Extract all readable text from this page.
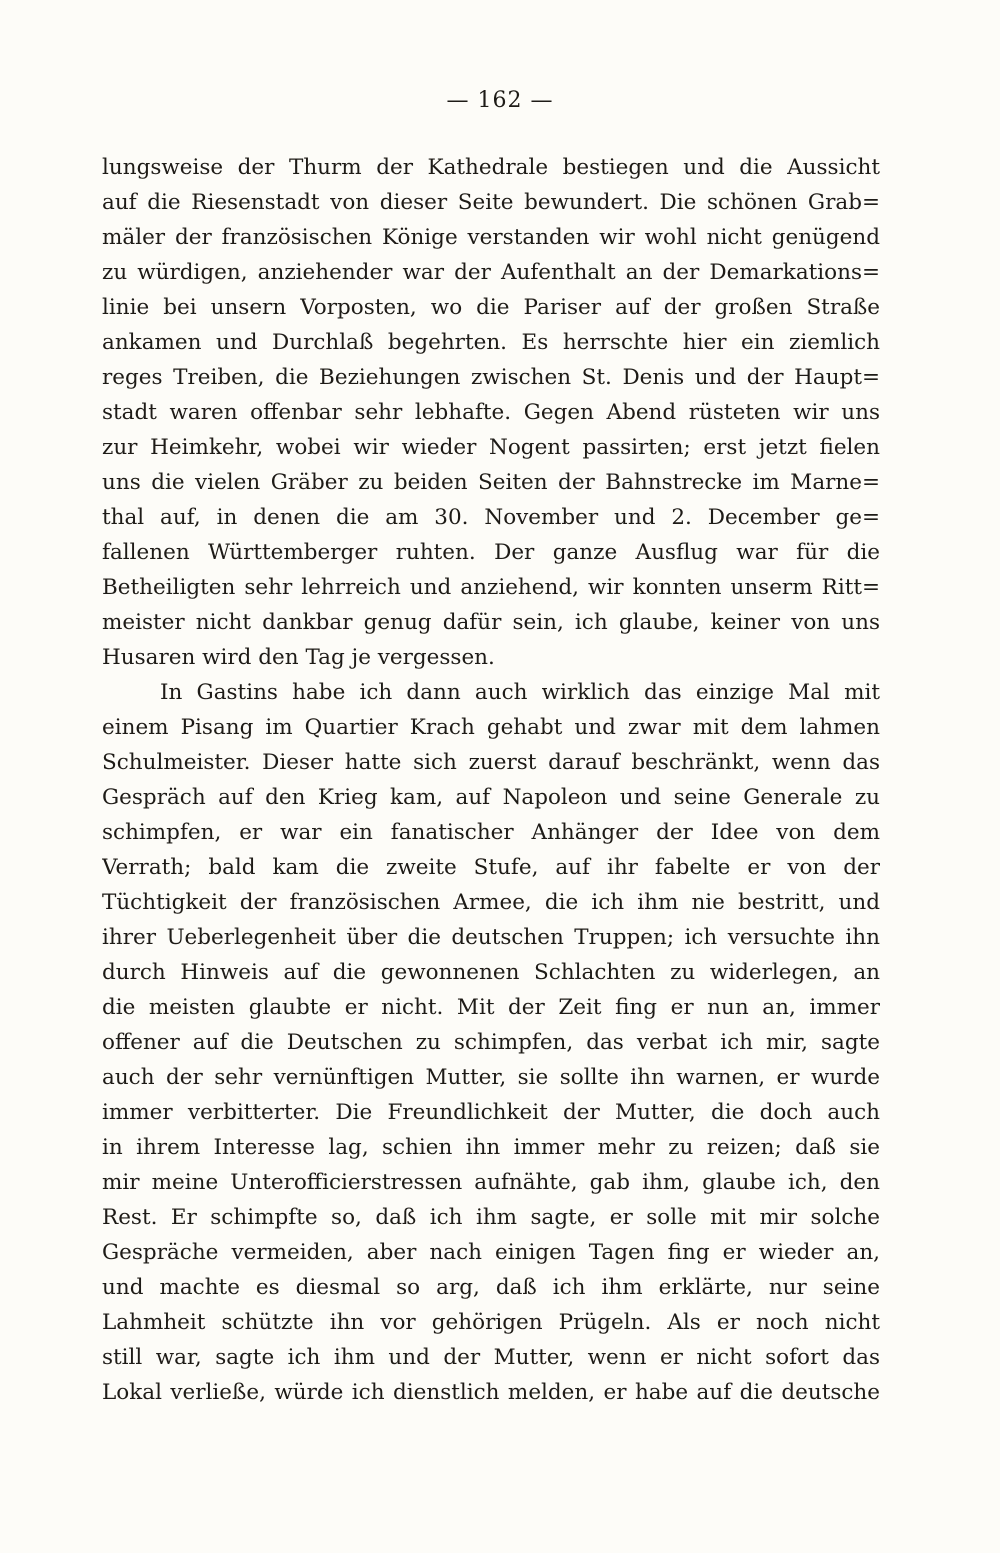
— 162 —
lungsweise der Thurm der Kathedrale bestiegen und die Aussicht
auf die Riesenstadt von dieser Seite bewundert. Die schönen Grab=
mäler der französischen Könige verstanden wir wohl nicht genügend
zu würdigen, anziehender war der Aufenthalt an der Demarkations=
linie bei unsern Vorposten, wo die Pariser auf der großen Straße
ankamen und Durchlaß begehrten. Es herrschte hier ein ziemlich
reges Treiben, die Beziehungen zwischen St. Denis und der Haupt=
stadt waren offenbar sehr lebhafte. Gegen Abend rüsteten wir uns
zur Heimkehr, wobei wir wieder Nogent passirten; erst jetzt fielen
uns die vielen Gräber zu beiden Seiten der Bahnstrecke im Marne=
thal auf, in denen die am 30. November und 2. December ge=
fallenen Württemberger ruhten. Der ganze Ausflug war für die
Betheiligten sehr lehrreich und anziehend, wir konnten unserm Ritt=
meister nicht dankbar genug dafür sein, ich glaube, keiner von uns
Husaren wird den Tag je vergessen.
In Gastins habe ich dann auch wirklich das einzige Mal mit
einem Pisang im Quartier Krach gehabt und zwar mit dem lahmen
Schulmeister. Dieser hatte sich zuerst darauf beschränkt, wenn das
Gespräch auf den Krieg kam, auf Napoleon und seine Generale zu
schimpfen, er war ein fanatischer Anhänger der Idee von dem
Verrath; bald kam die zweite Stufe, auf ihr fabelte er von der
Tüchtigkeit der französischen Armee, die ich ihm nie bestritt, und
ihrer Ueberlegenheit über die deutschen Truppen; ich versuchte ihn
durch Hinweis auf die gewonnenen Schlachten zu widerlegen, an
die meisten glaubte er nicht. Mit der Zeit fing er nun an, immer
offener auf die Deutschen zu schimpfen, das verbat ich mir, sagte
auch der sehr vernünftigen Mutter, sie sollte ihn warnen, er wurde
immer verbitterter. Die Freundlichkeit der Mutter, die doch auch
in ihrem Interesse lag, schien ihn immer mehr zu reizen; daß sie
mir meine Unterofficierstressen aufnähte, gab ihm, glaube ich, den
Rest. Er schimpfte so, daß ich ihm sagte, er solle mit mir solche
Gespräche vermeiden, aber nach einigen Tagen fing er wieder an,
und machte es diesmal so arg, daß ich ihm erklärte, nur seine
Lahmheit schützte ihn vor gehörigen Prügeln. Als er noch nicht
still war, sagte ich ihm und der Mutter, wenn er nicht sofort das
Lokal verließe, würde ich dienstlich melden, er habe auf die deutsche
